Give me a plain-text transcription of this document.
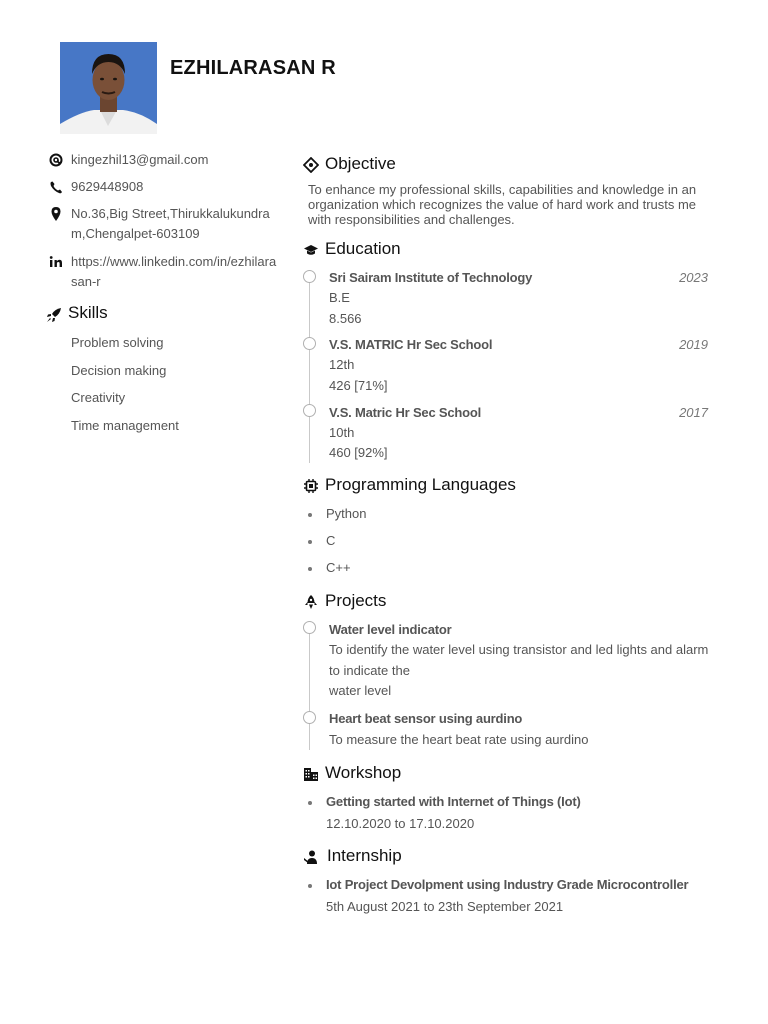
EZHILARASAN R
kingezhil13@gmail.com
9629448908
No.36,Big Street,Thirukkalukundram,Chengalpet-603109
https://www.linkedin.com/in/ezhilarasan-r
Skills
Problem solving
Decision making
Creativity
Time management
Objective
To enhance my professional skills, capabilities and knowledge in an organization which recognizes the value of hard work and trusts me with responsibilities and challenges.
Education
Sri Sairam Institute of Technology	2023
B.E
8.566
V.S. MATRIC Hr Sec School	2019
12th
426 [71%]
V.S. Matric Hr Sec School	2017
10th
460 [92%]
Programming Languages
Python
C
C++
Projects
Water level indicator
To identify the water level using transistor and led lights and alarm to indicate the
water level
Heart beat sensor using aurdino
To measure the heart beat rate using aurdino
Workshop
Getting started with Internet of Things (Iot)
12.10.2020 to 17.10.2020
Internship
Iot Project Devolpment using Industry Grade Microcontroller
5th August 2021 to 23th September 2021
